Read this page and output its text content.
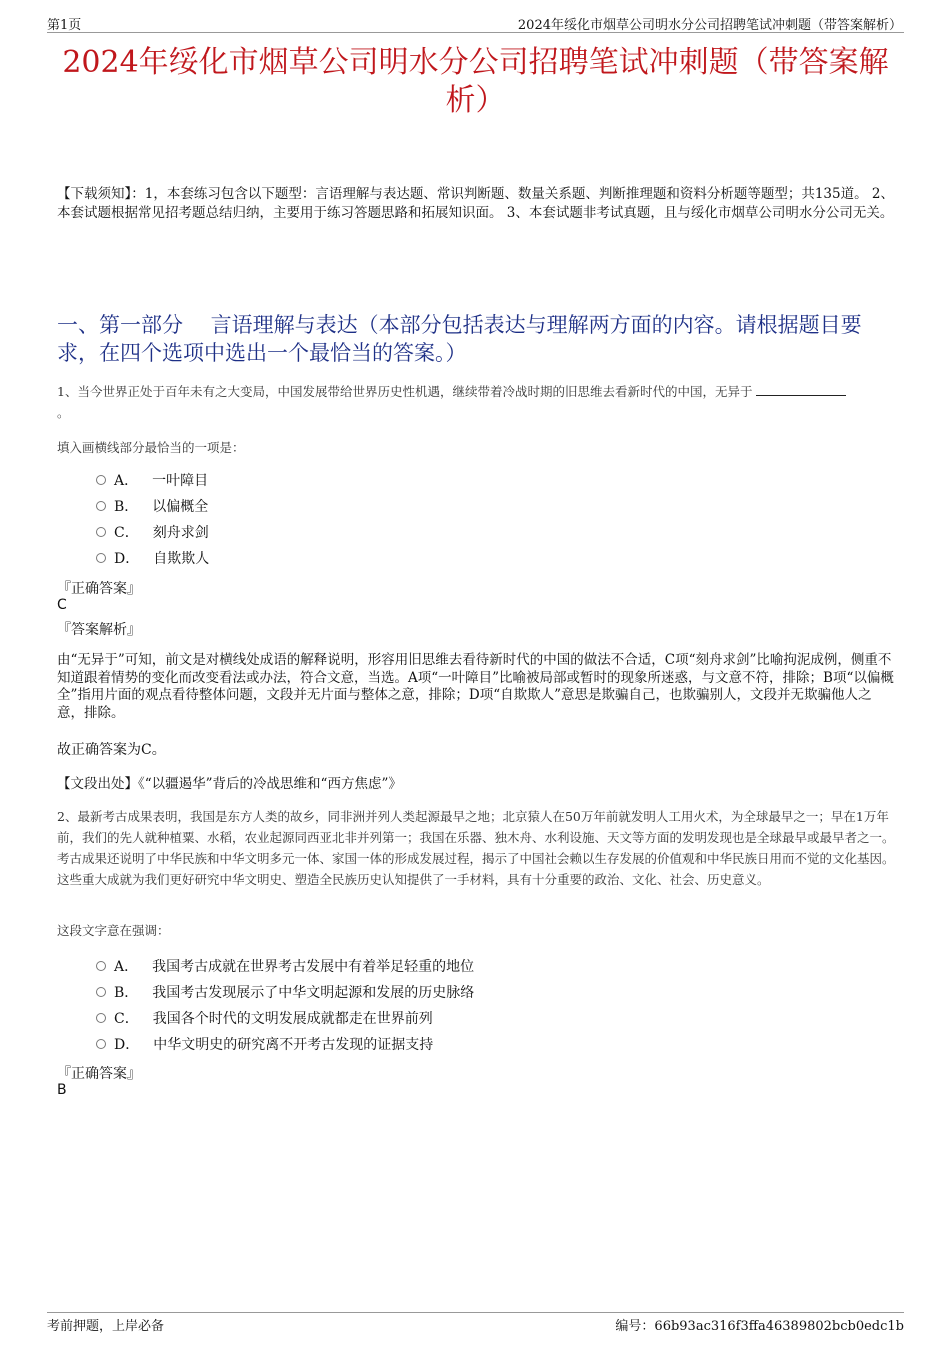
第1页	2024年绥化市烟草公司明水分公司招聘笔试冲刺题（带答案解析）
2024年绥化市烟草公司明水分公司招聘笔试冲刺题（带答案解析）
【下载须知】：1，本套练习包含以下题型：言语理解与表达题、常识判断题、数量关系题、判断推理题和资料分析题等题型；共135道。 2、本套试题根据常见招考题总结归纳，主要用于练习答题思路和拓展知识面。 3、本套试题非考试真题，且与绥化市烟草公司明水分公司无关。
一、第一部分　 言语理解与表达（本部分包括表达与理解两方面的内容。请根据题目要求，在四个选项中选出一个最恰当的答案。）
1、当今世界正处于百年未有之大变局，中国发展带给世界历史性机遇，继续带着冷战时期的旧思维去看新时代的中国，无异于
。
填入画横线部分最恰当的一项是：
A． 一叶障目
B． 以偏概全
C． 刻舟求剑
D． 自欺欺人
『正确答案』
C
『答案解析』
由“无异于”可知，前文是对横线处成语的解释说明，形容用旧思维去看待新时代的中国的做法不合适，C项“刻舟求剑”比喻拘泥成例，侧重不知道跟着情势的变化而改变看法或办法，符合文意，当选。A项“一叶障目”比喻被局部或暂时的现象所迷惑，与文意不符，排除；B项“以偏概全”指用片面的观点看待整体问题，文段并无片面与整体之意，排除；D项“自欺欺人”意思是欺骗自己，也欺骗别人，文段并无欺骗他人之意，排除。
故正确答案为C。
【文段出处】《“以疆遏华”背后的冷战思维和“西方焦虑”》
2、最新考古成果表明，我国是东方人类的故乡，同非洲并列人类起源最早之地；北京猿人在50万年前就发明人工用火术，为全球最早之一；早在1万年前，我们的先人就种植粟、水稻，农业起源同西亚北非并列第一；我国在乐器、独木舟、水利设施、天文等方面的发明发现也是全球最早或最早者之一。考古成果还说明了中华民族和中华文明多元一体、家国一体的形成发展过程，揭示了中国社会赖以生存发展的价值观和中华民族日用而不觉的文化基因。这些重大成就为我们更好研究中华文明史、塑造全民族历史认知提供了一手材料，具有十分重要的政治、文化、社会、历史意义。
这段文字意在强调：
A． 我国考古成就在世界考古发展中有着举足轻重的地位
B． 我国考古发现展示了中华文明起源和发展的历史脉络
C． 我国各个时代的文明发展成就都走在世界前列
D． 中华文明史的研究离不开考古发现的证据支持
『正确答案』
B
考前押题，上岸必备	编号：66b93ac316f3ffa46389802bcb0edc1b
